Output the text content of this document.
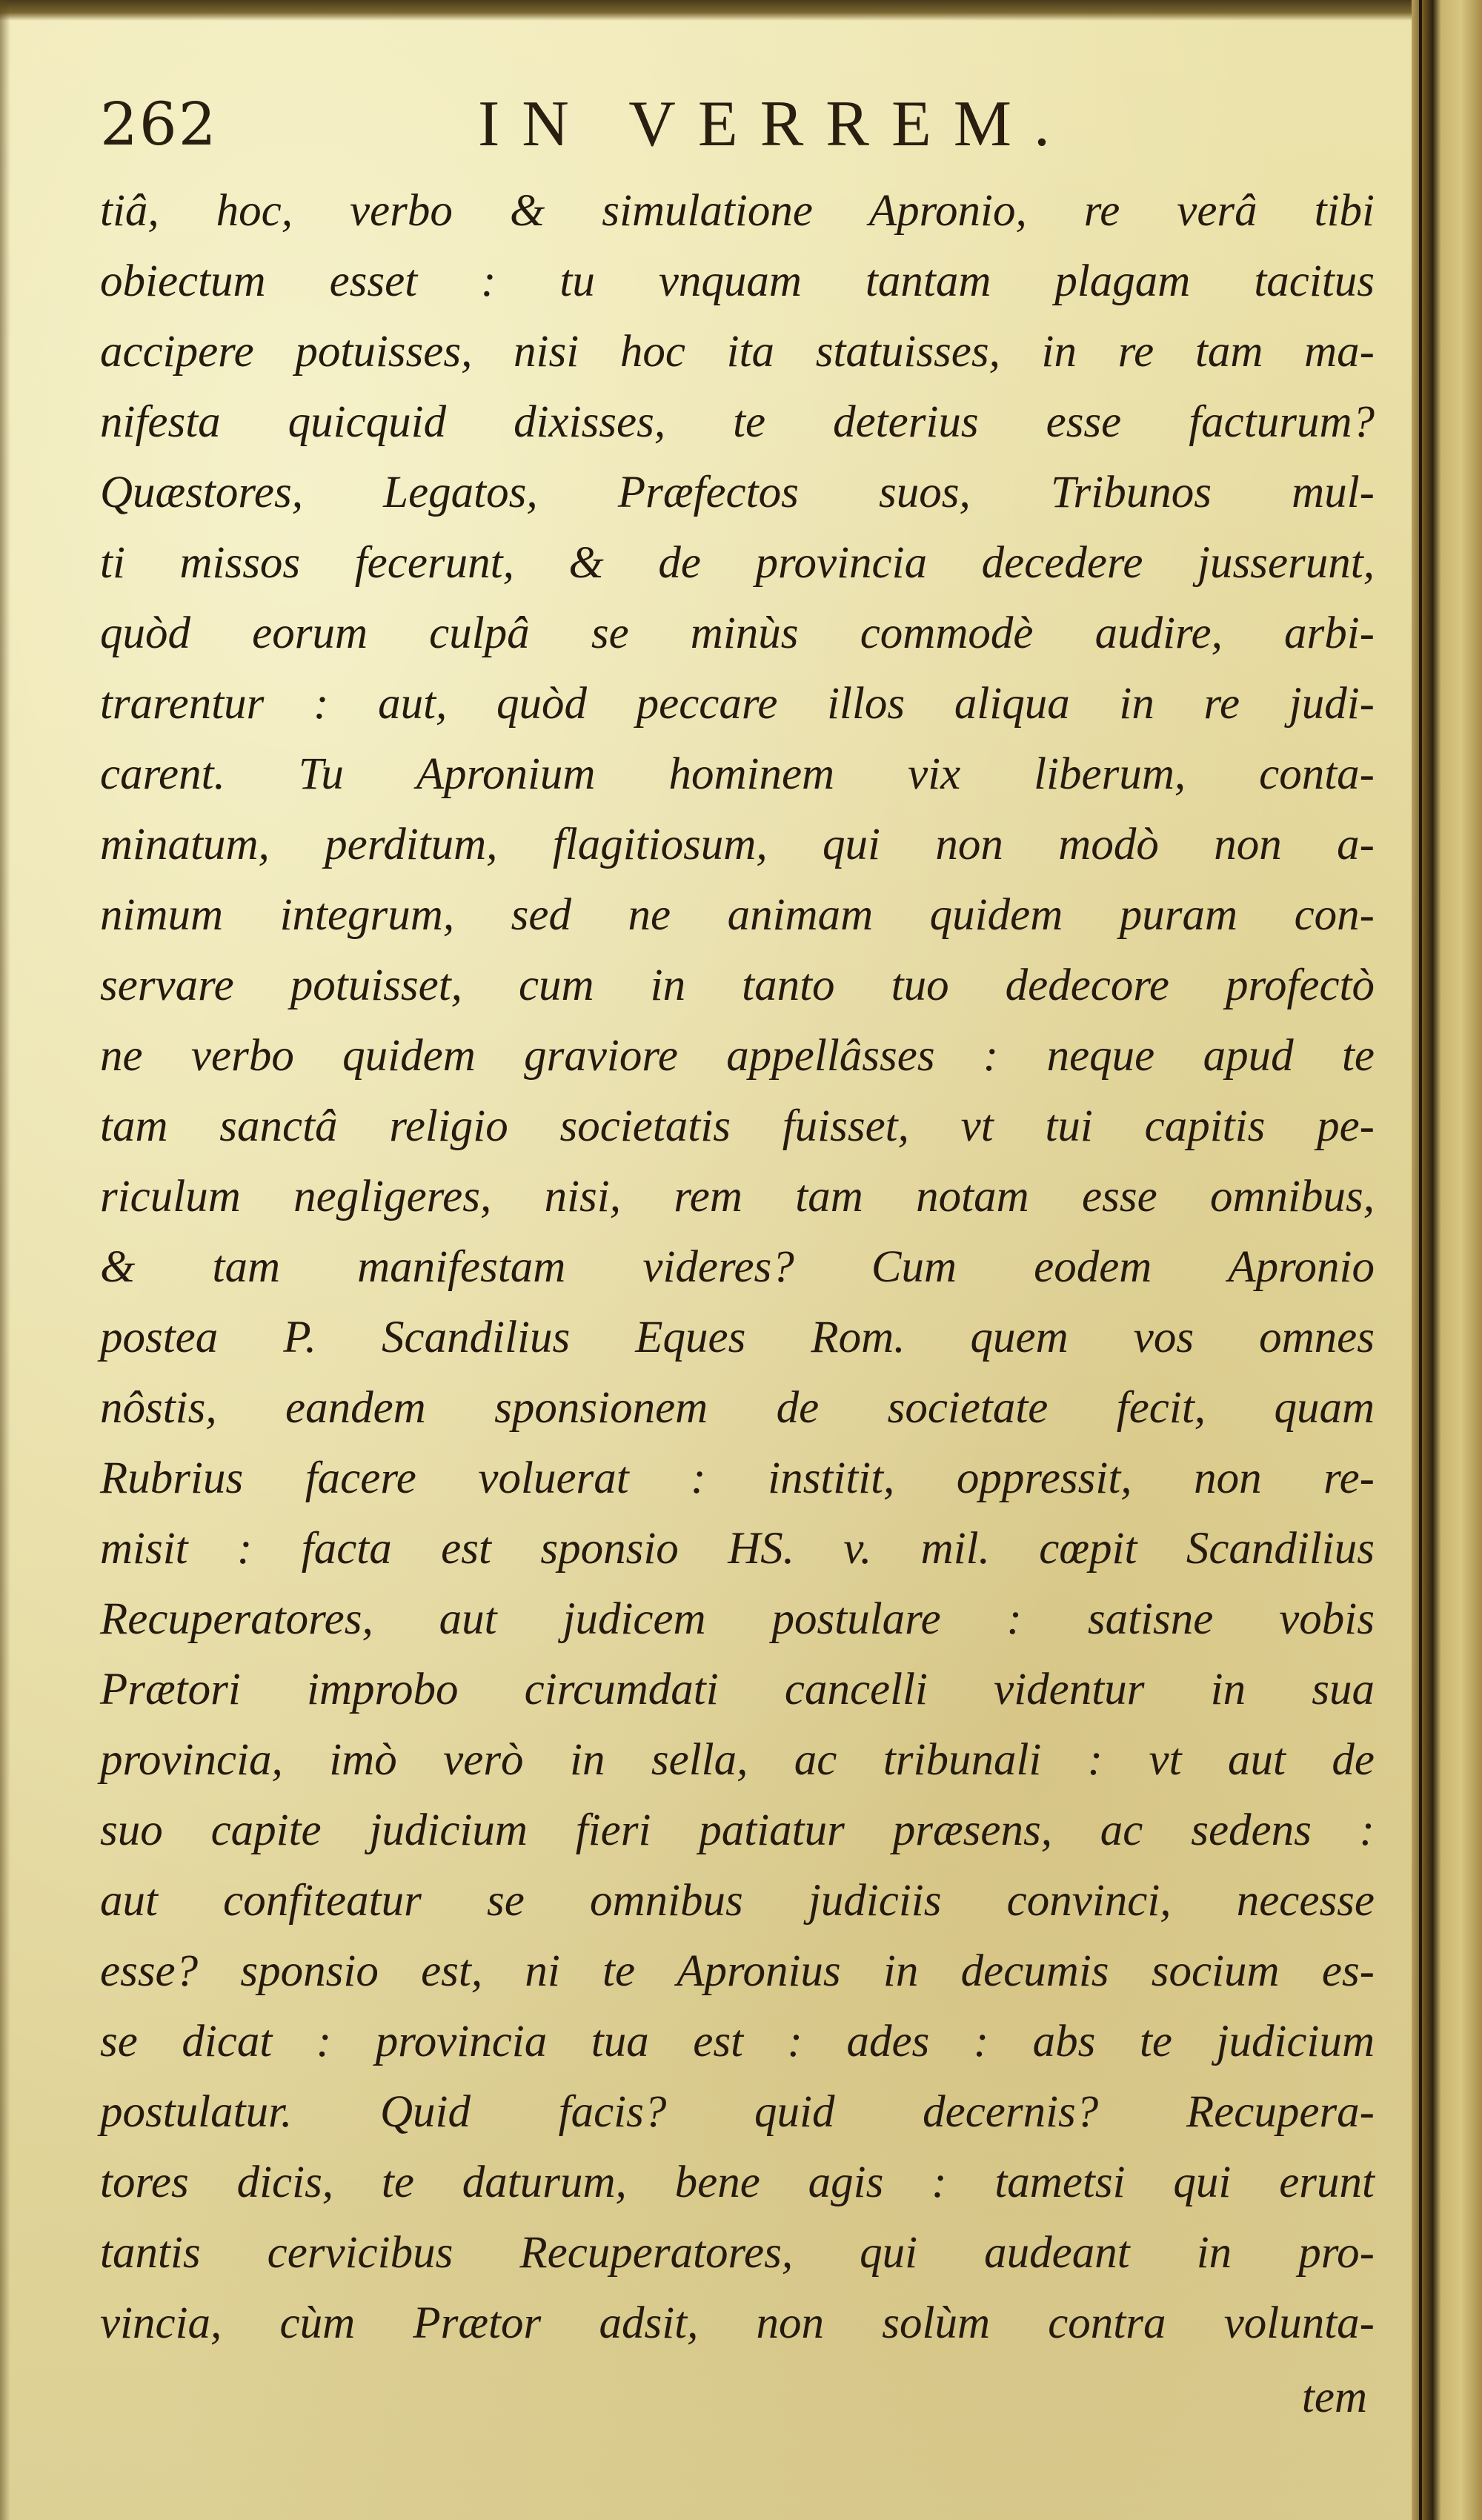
262	IN VERREM.
tiâ, hoc, verbo & simulatione Apronio, re verâ tibi
obiectum esset : tu vnquam tantam plagam tacitus
accipere potuisses, nisi hoc ita statuisses, in re tam ma-
nifesta quicquid dixisses, te deterius esse facturum?
Quæstores, Legatos, Præfectos suos, Tribunos mul-
ti missos fecerunt, & de provincia decedere jusserunt,
quòd eorum culpâ se minùs commodè audire, arbi-
trarentur : aut, quòd peccare illos aliqua in re judi-
carent. Tu Apronium hominem vix liberum, conta-
minatum, perditum, flagitiosum, qui non modò non a-
nimum integrum, sed ne animam quidem puram con-
servare potuisset, cum in tanto tuo dedecore profectò
ne verbo quidem graviore appellâsses : neque apud te
tam sanctâ religio societatis fuisset, vt tui capitis pe-
riculum negligeres, nisi, rem tam notam esse omnibus,
& tam manifestam videres? Cum eodem Apronio
postea P. Scandilius Eques Rom. quem vos omnes
nôstis, eandem sponsionem de societate fecit, quam
Rubrius facere voluerat : institit, oppressit, non re-
misit : facta est sponsio HS. v. mil. cœpit Scandilius
Recuperatores, aut judicem postulare : satisne vobis
Prætori improbo circumdati cancelli videntur in sua
provincia, imò verò in sella, ac tribunali : vt aut de
suo capite judicium fieri patiatur præsens, ac sedens :
aut confiteatur se omnibus judiciis convinci, necesse
esse? sponsio est, ni te Apronius in decumis socium es-
se dicat : provincia tua est : ades : abs te judicium
postulatur. Quid facis? quid decernis? Recupera-
tores dicis, te daturum, bene agis : tametsi qui erunt
tantis cervicibus Recuperatores, qui audeant in pro-
vincia, cùm Prætor adsit, non solùm contra volunta-
tem
